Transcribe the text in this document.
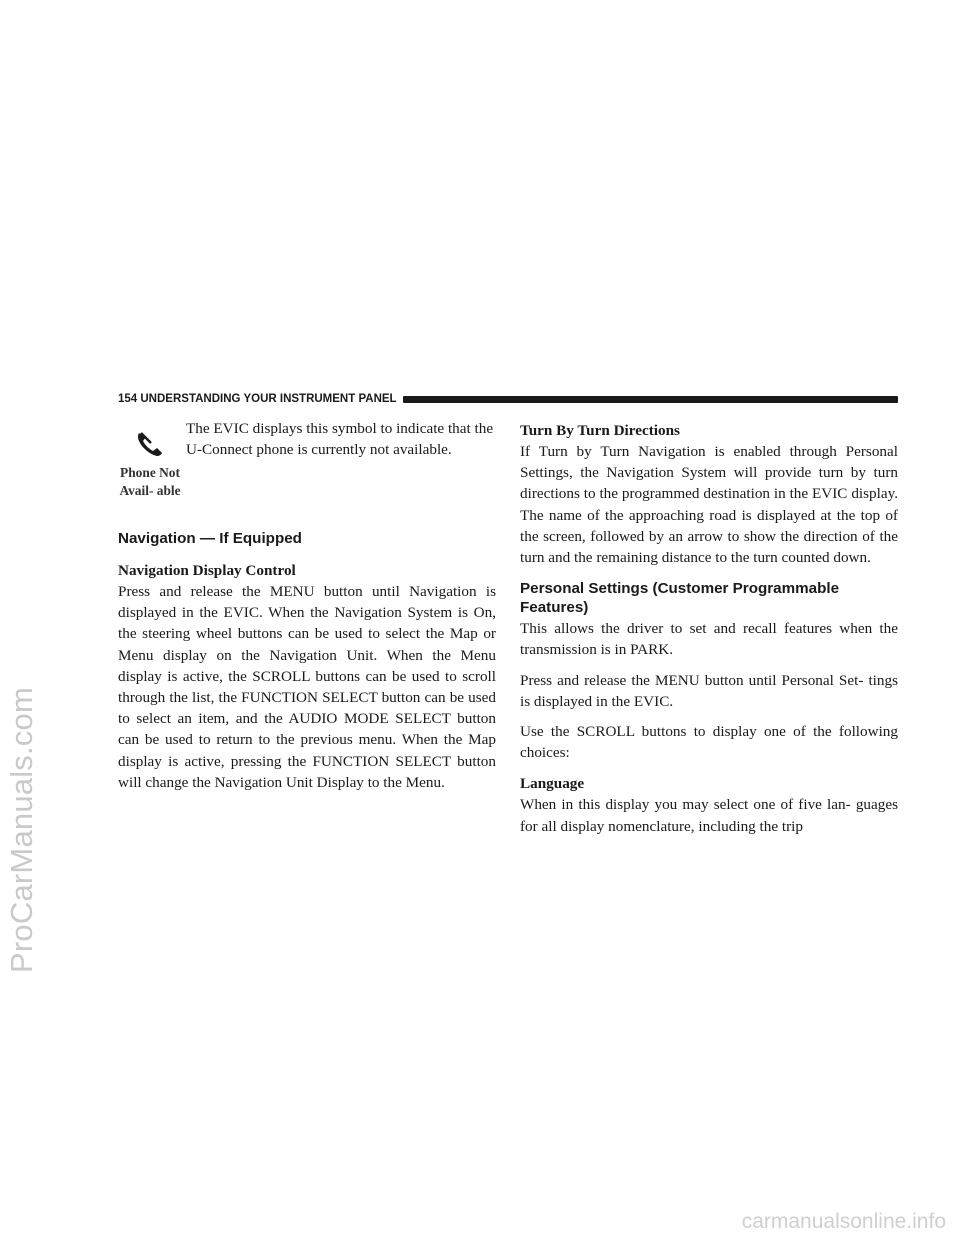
ProCarManuals.com
154 UNDERSTANDING YOUR INSTRUMENT PANEL
Phone Not Avail- able

The EVIC displays this symbol to indicate that the U-Connect phone is currently not available.

Navigation — If Equipped
Navigation Display Control

Press and release the MENU button until Navigation is displayed in the EVIC. When the Navigation System is On, the steering wheel buttons can be used to select the Map or Menu display on the Navigation Unit. When the Menu display is active, the SCROLL buttons can be used to scroll through the list, the FUNCTION SELECT button can be used to select an item, and the AUDIO MODE SELECT button can be used to return to the previous menu. When the Map display is active, pressing the FUNCTION SELECT button will change the Navigation Unit Display to the Menu.

Turn By Turn Directions

If Turn by Turn Navigation is enabled through Personal Settings, the Navigation System will provide turn by turn directions to the programmed destination in the EVIC display. The name of the approaching road is displayed at the top of the screen, followed by an arrow to show the direction of the turn and the remaining distance to the turn counted down.

Personal Settings (Customer Programmable Features)

This allows the driver to set and recall features when the transmission is in PARK.

Press and release the MENU button until Personal Set- tings is displayed in the EVIC.

Use the SCROLL buttons to display one of the following choices:

Language

When in this display you may select one of five lan- guages for all display nomenclature, including the trip

carmanualsonline.info
